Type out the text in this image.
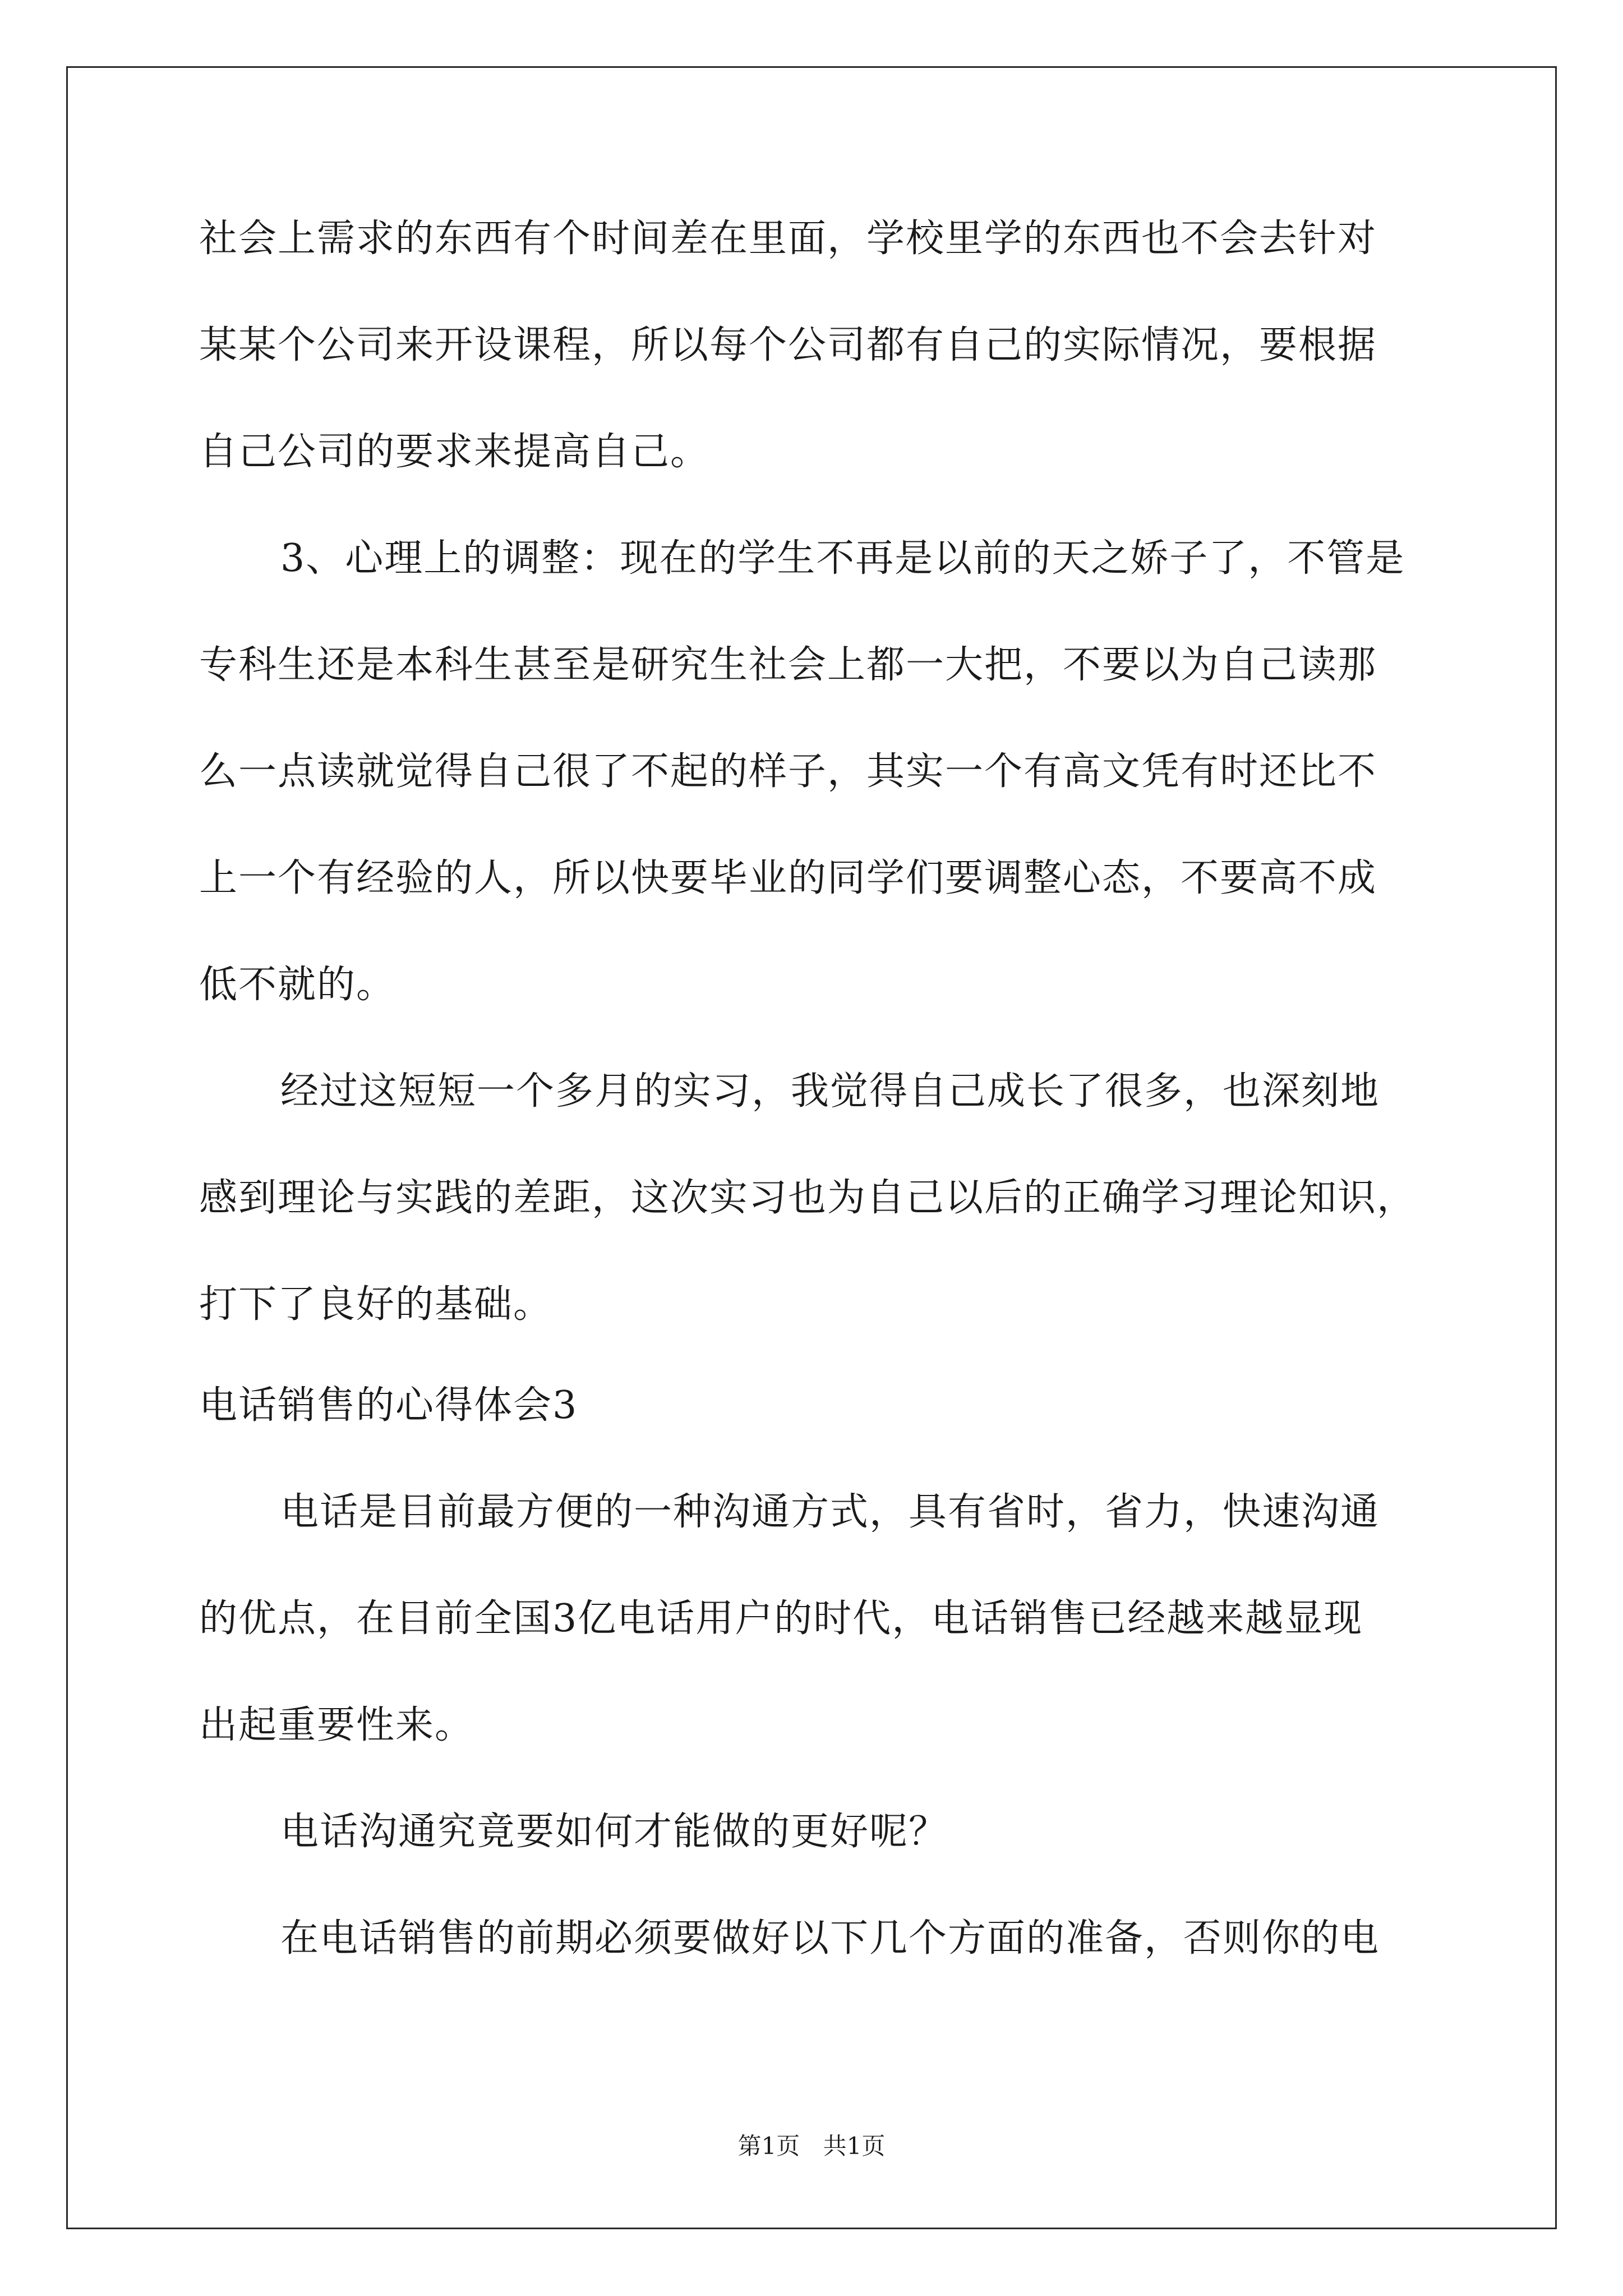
社会上需求的东西有个时间差在里面，学校里学的东西也不会去针对
某某个公司来开设课程，所以每个公司都有自己的实际情况，要根据
自己公司的要求来提高自己。
3、心理上的调整：现在的学生不再是以前的天之娇子了，不管是
专科生还是本科生甚至是研究生社会上都一大把，不要以为自己读那
么一点读就觉得自己很了不起的样子，其实一个有高文凭有时还比不
上一个有经验的人，所以快要毕业的同学们要调整心态，不要高不成
低不就的。
经过这短短一个多月的实习，我觉得自己成长了很多，也深刻地
感到理论与实践的差距，这次实习也为自己以后的正确学习理论知识，
打下了良好的基础。
电话销售的心得体会3
电话是目前最方便的一种沟通方式，具有省时，省力，快速沟通
的优点，在目前全国3亿电话用户的时代，电话销售已经越来越显现
出起重要性来。
电话沟通究竟要如何才能做的更好呢？
在电话销售的前期必须要做好以下几个方面的准备，否则你的电
第1页 共1页
